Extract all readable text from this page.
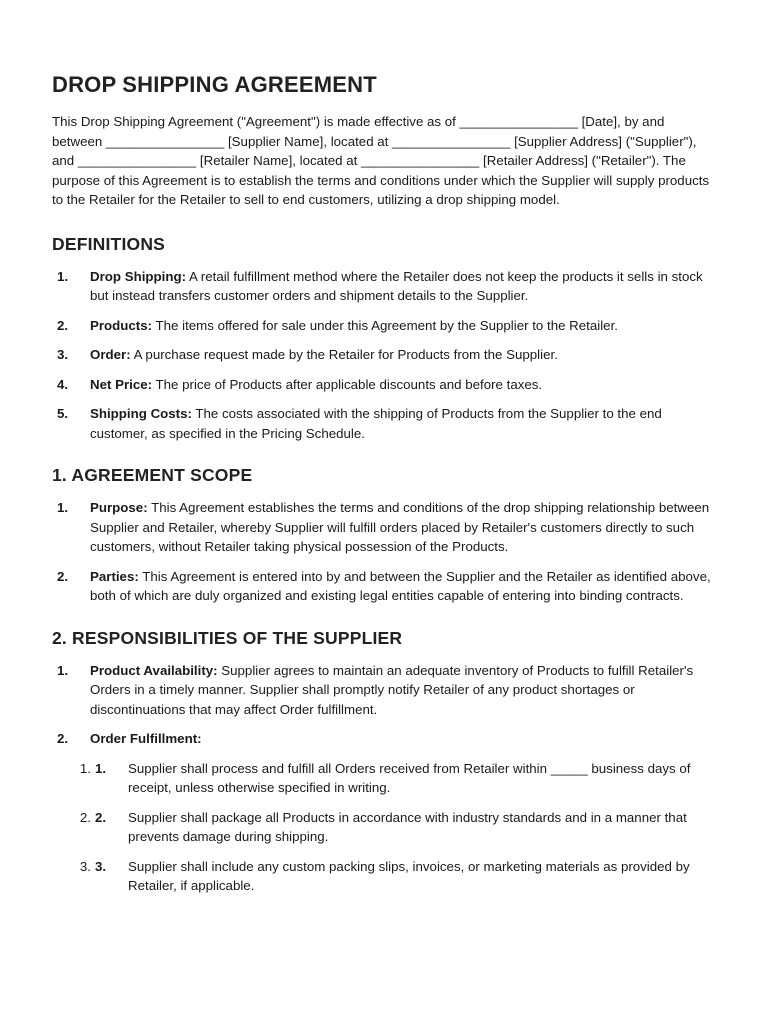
DROP SHIPPING AGREEMENT

This Drop Shipping Agreement ("Agreement") is made effective as of ________________ [Date], by and between ________________ [Supplier Name], located at ________________ [Supplier Address] ("Supplier"), and ________________ [Retailer Name], located at ________________ [Retailer Address] ("Retailer"). The purpose of this Agreement is to establish the terms and conditions under which the Supplier will supply products to the Retailer for the Retailer to sell to end customers, utilizing a drop shipping model.

DEFINITIONS
1.	Drop Shipping: A retail fulfillment method where the Retailer does not keep the products it sells in stock but instead transfers customer orders and shipment details to the Supplier.
2.	Products: The items offered for sale under this Agreement by the Supplier to the Retailer.
3.	Order: A purchase request made by the Retailer for Products from the Supplier.
4.	Net Price: The price of Products after applicable discounts and before taxes.
5.	Shipping Costs: The costs associated with the shipping of Products from the Supplier to the end customer, as specified in the Pricing Schedule.
1. AGREEMENT SCOPE
1.	Purpose: This Agreement establishes the terms and conditions of the drop shipping relationship between Supplier and Retailer, whereby Supplier will fulfill orders placed by Retailer's customers directly to such customers, without Retailer taking physical possession of the Products.
2.	Parties: This Agreement is entered into by and between the Supplier and the Retailer as identified above, both of which are duly organized and existing legal entities capable of entering into binding contracts.
2. RESPONSIBILITIES OF THE SUPPLIER
1.	Product Availability: Supplier agrees to maintain an adequate inventory of Products to fulfill Retailer's Orders in a timely manner. Supplier shall promptly notify Retailer of any product shortages or discontinuations that may affect Order fulfillment.
2.	Order Fulfillment:
1. 1.	Supplier shall process and fulfill all Orders received from Retailer within _____ business days of receipt, unless otherwise specified in writing.
2. 2.	Supplier shall package all Products in accordance with industry standards and in a manner that prevents damage during shipping.
3. 3.	Supplier shall include any custom packing slips, invoices, or marketing materials as provided by Retailer, if applicable.
